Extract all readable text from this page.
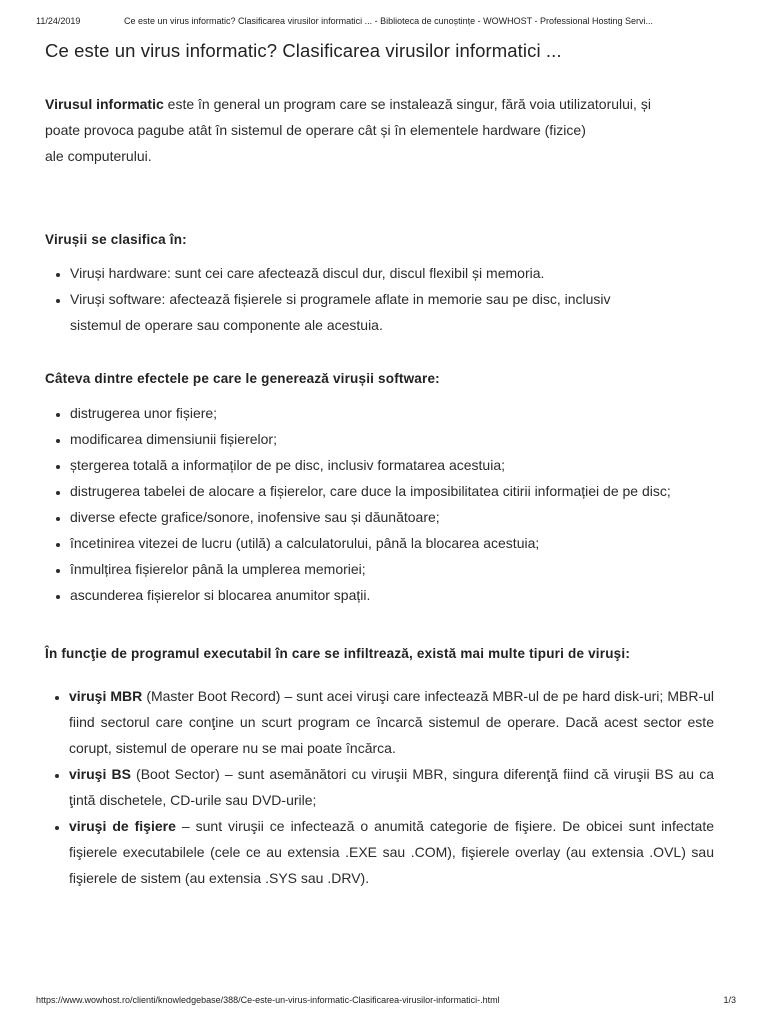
11/24/2019	Ce este un virus informatic? Clasificarea virusilor informatici ... - Biblioteca de cunoștințe - WOWHOST - Professional Hosting Servi...
Ce este un virus informatic? Clasificarea virusilor informatici ...
Virusul informatic este în general un program care se instalează singur, fără voia utilizatorului, și
poate provoca pagube atât în sistemul de operare cât și în elementele hardware (fizice)
ale computerului.
Virușii se clasifica în:
• Viruși hardware: sunt cei care afectează discul dur, discul flexibil și memoria.
• Viruși software: afectează fișierele si programele aflate in memorie sau pe disc, inclusiv sistemul de operare sau componente ale acestuia.
Câteva dintre efectele pe care le generează virușii software:
• distrugerea unor fișiere;
• modificarea dimensiunii fișierelor;
• ștergerea totală a informaților de pe disc, inclusiv formatarea acestuia;
• distrugerea tabelei de alocare a fișierelor, care duce la imposibilitatea citirii informației de pe disc;
• diverse efecte grafice/sonore, inofensive sau și dăunătoare;
• încetinirea vitezei de lucru (utilă) a calculatorului, până la blocarea acestuia;
• înmulțirea fișierelor până la umplerea memoriei;
• ascunderea fișierelor si blocarea anumitor spații.
În funcţie de programul executabil în care se infiltrează, există mai multe tipuri de viruşi:
• viruşi MBR (Master Boot Record) – sunt acei viruşi care infectează MBR-ul de pe hard disk-uri; MBR-ul fiind sectorul care conţine un scurt program ce încarcă sistemul de operare. Dacă acest sector este corupt, sistemul de operare nu se mai poate încărca.
• viruşi BS (Boot Sector) – sunt asemănători cu viruşii MBR, singura diferenţă fiind că viruşii BS au ca ţintă dischetele, CD-urile sau DVD-urile;
• viruşi de fişiere – sunt viruşii ce infectează o anumită categorie de fişiere. De obicei sunt infectate fişierele executabilele (cele ce au extensia .EXE sau .COM), fişierele overlay (au extensia .OVL) sau fişierele de sistem (au extensia .SYS sau .DRV).
https://www.wowhost.ro/clienti/knowledgebase/388/Ce-este-un-virus-informatic-Clasificarea-virusilor-informatici-.html	1/3
